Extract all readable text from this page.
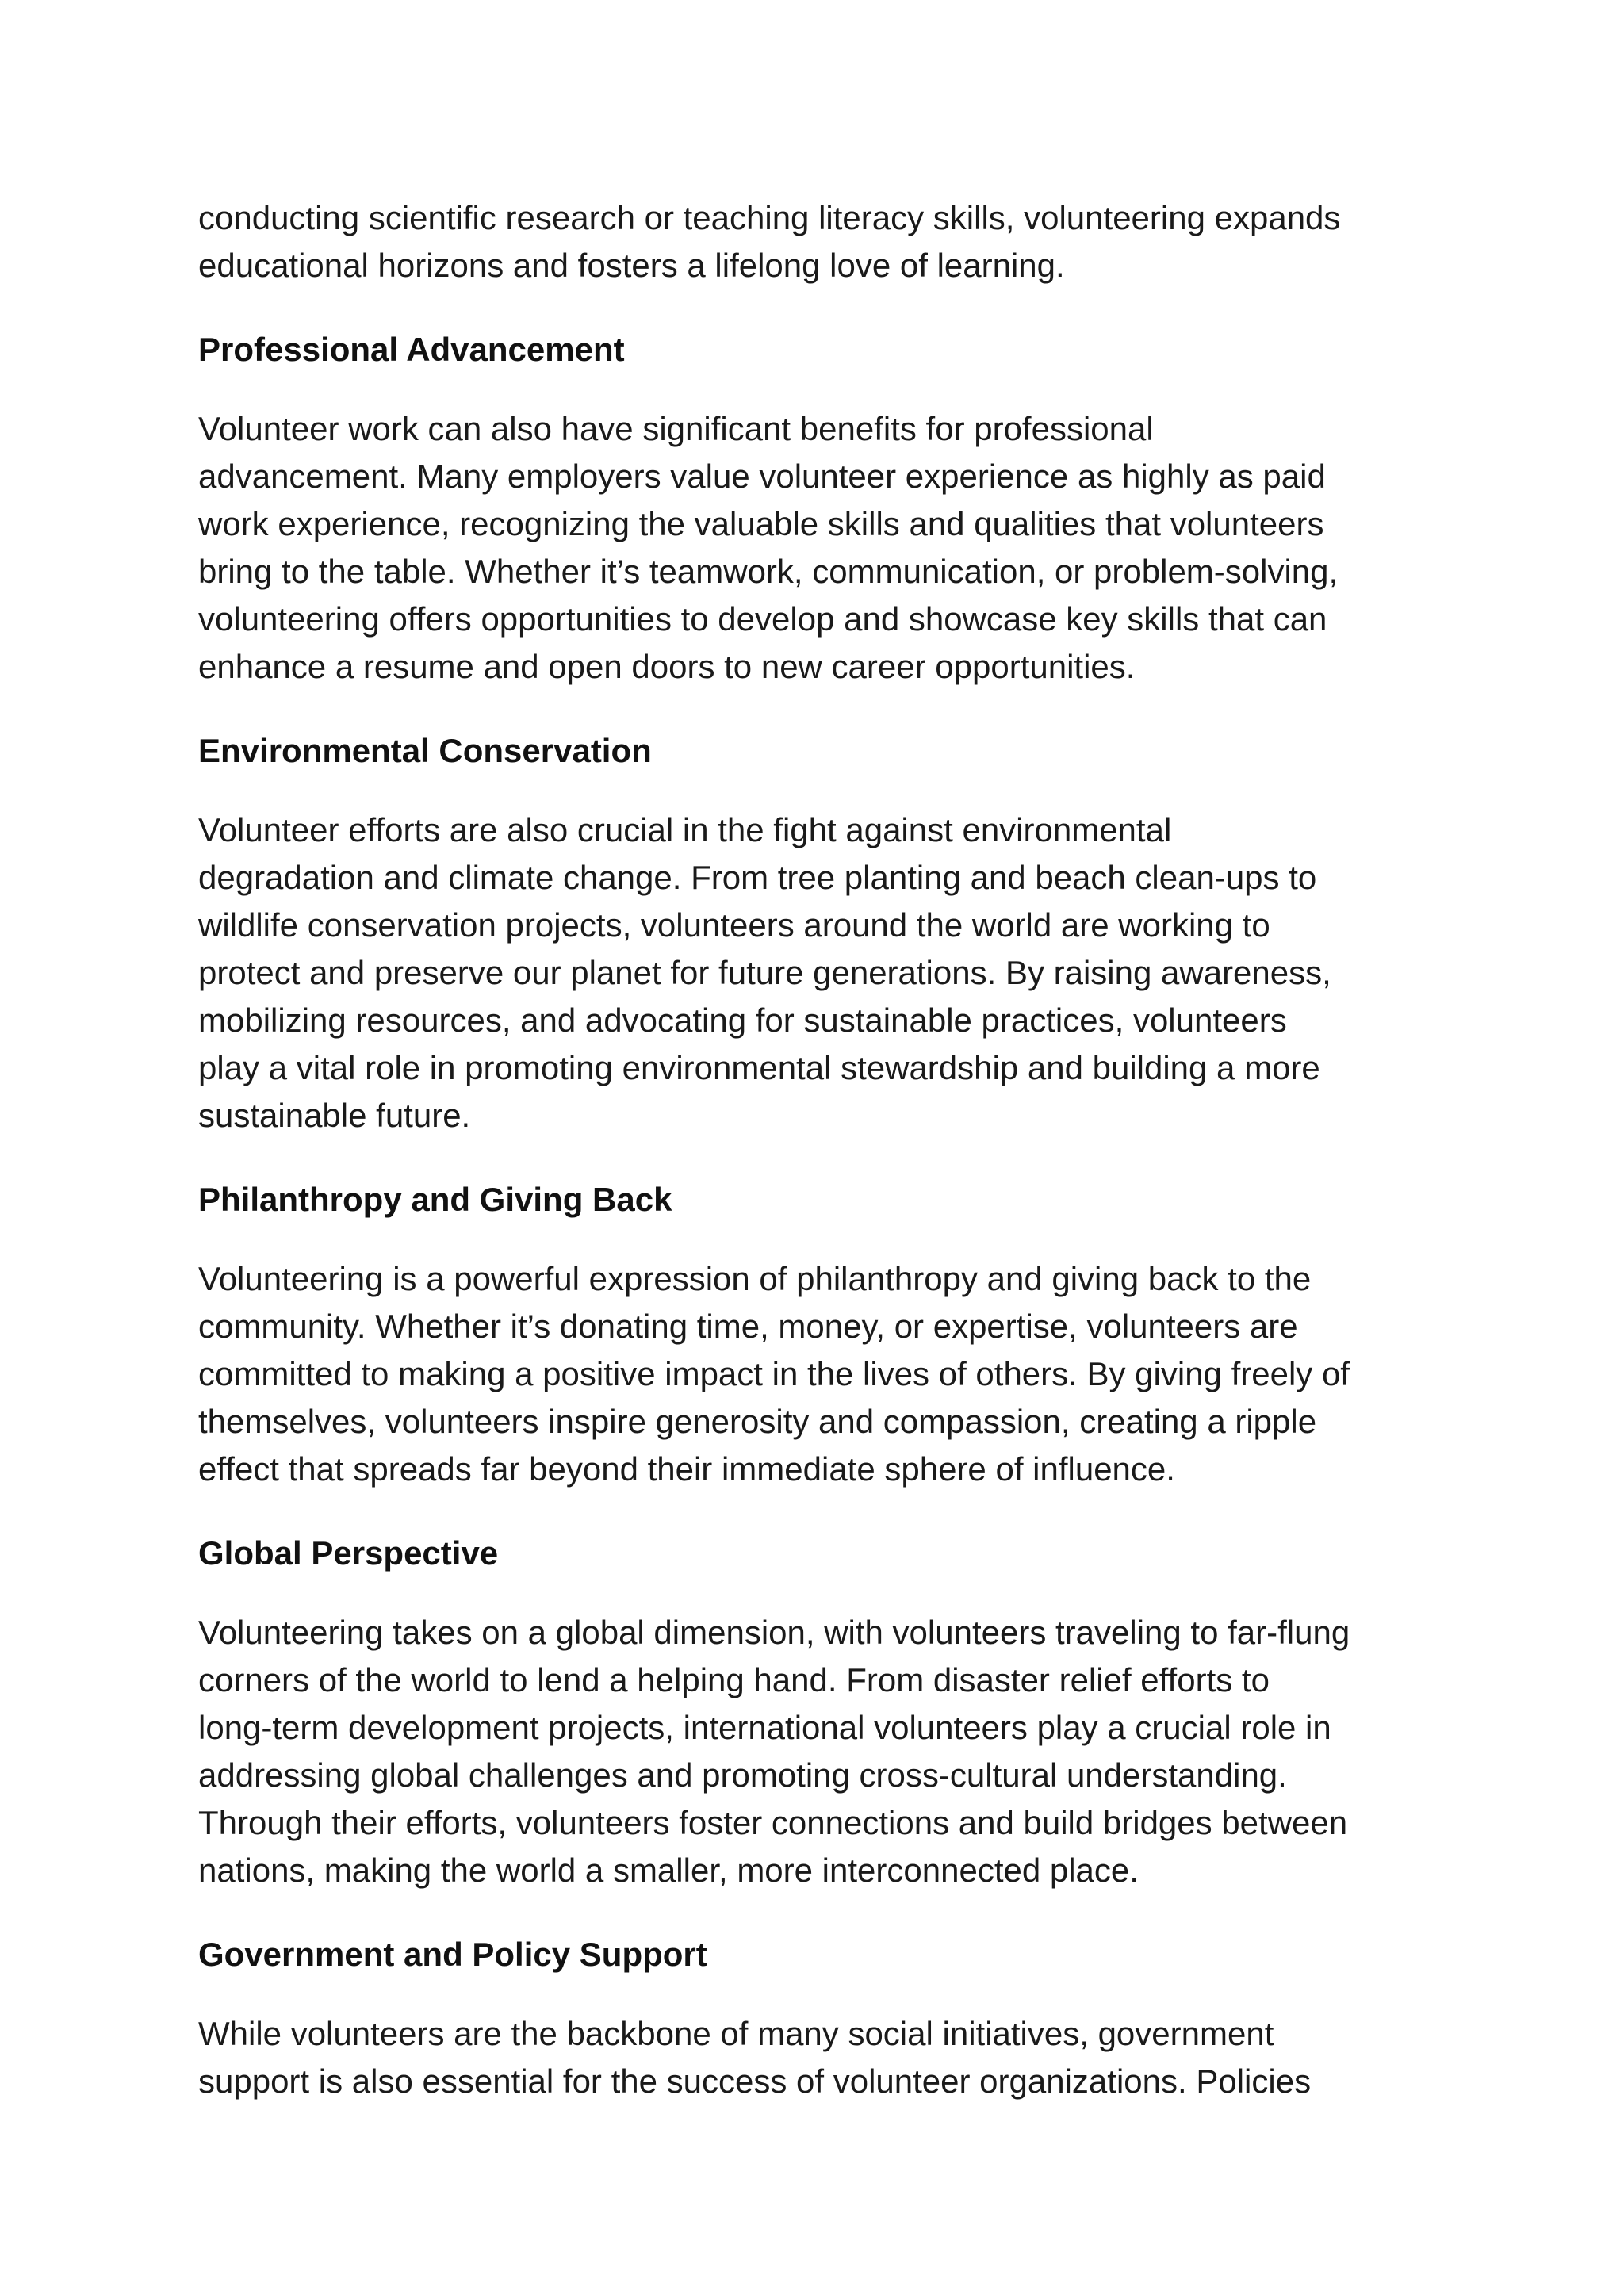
conducting scientific research or teaching literacy skills, volunteering expands
educational horizons and fosters a lifelong love of learning.

Professional Advancement

Volunteer work can also have significant benefits for professional
advancement. Many employers value volunteer experience as highly as paid
work experience, recognizing the valuable skills and qualities that volunteers
bring to the table. Whether it’s teamwork, communication, or problem-solving,
volunteering offers opportunities to develop and showcase key skills that can
enhance a resume and open doors to new career opportunities.

Environmental Conservation

Volunteer efforts are also crucial in the fight against environmental
degradation and climate change. From tree planting and beach clean-ups to
wildlife conservation projects, volunteers around the world are working to
protect and preserve our planet for future generations. By raising awareness,
mobilizing resources, and advocating for sustainable practices, volunteers
play a vital role in promoting environmental stewardship and building a more
sustainable future.

Philanthropy and Giving Back

Volunteering is a powerful expression of philanthropy and giving back to the
community. Whether it’s donating time, money, or expertise, volunteers are
committed to making a positive impact in the lives of others. By giving freely of
themselves, volunteers inspire generosity and compassion, creating a ripple
effect that spreads far beyond their immediate sphere of influence.

Global Perspective

Volunteering takes on a global dimension, with volunteers traveling to far-flung
corners of the world to lend a helping hand. From disaster relief efforts to
long-term development projects, international volunteers play a crucial role in
addressing global challenges and promoting cross-cultural understanding.
Through their efforts, volunteers foster connections and build bridges between
nations, making the world a smaller, more interconnected place.

Government and Policy Support

While volunteers are the backbone of many social initiatives, government
support is also essential for the success of volunteer organizations. Policies
